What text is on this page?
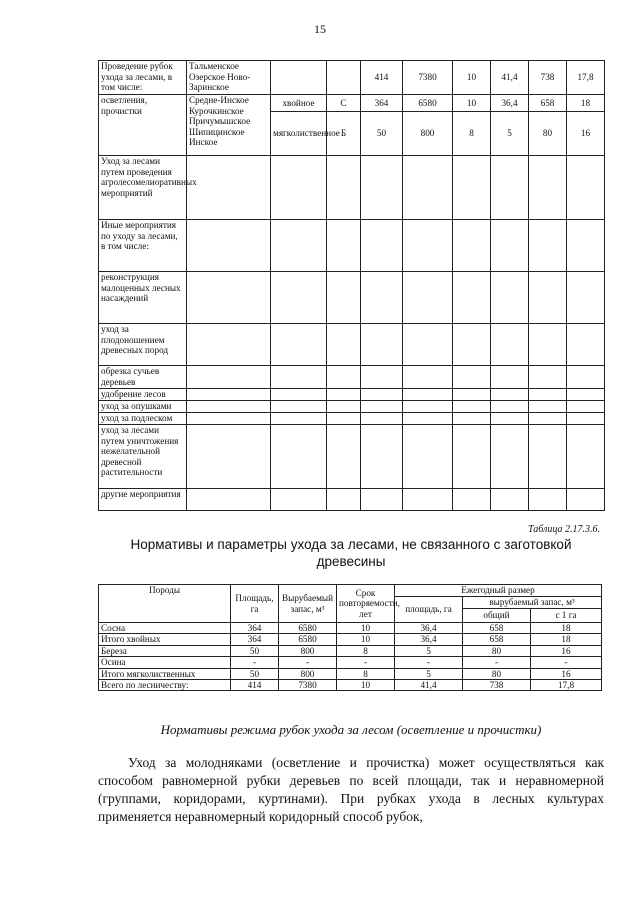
15
Проведение рубок ухода за лесами, в том числе:	Тальменское Озерское Ново-Заринское			414	7380	10	41,4	738	17,8
осветления, прочистки	Средне-Инское Курочкинское Причумышское Шипицинское Инское	хвойное	С	364	6580	10	36,4	658	18
		мягколиственное	Б	50	800	8	5	80	16
Уход за лесами путем проведения агролесомелиоративных мероприятий									
Иные мероприятия по уходу за лесами, в том числе:									
реконструкция малоценных лесных насаждений									
уход за плодоношением древесных пород									
обрезка сучьев деревьев									
удобрение лесов									
уход за опушками									
уход за подлеском									
уход за лесами путем уничтожения нежелательной древесной растительности									
другие мероприятия									
Таблица 2.17.3.6.
Нормативы и параметры ухода за лесами, не связанного с заготовкой древесины
Породы	Площадь, га	Вырубаемый запас, м³	Срок повторяемости, лет	Ежегодный размер		
				площадь, га	вырубаемый запас, м³	
					общий	с 1 га
Сосна	364	6580	10	36,4	658	18
Итого хвойных	364	6580	10	36,4	658	18
Береза	50	800	8	5	80	16
Осина	-	-	-	-	-	-
Итого мягколиственных	50	800	8	5	80	16
Всего по лесничеству:	414	7380	10	41,4	738	17,8
Нормативы режима рубок ухода за лесом (осветление и прочистки)

Уход за молодняками (осветление и прочистка) может осуществляться как способом равномерной рубки деревьев по всей площади, так и неравномерной (группами, коридорами, куртинами). При рубках ухода в лесных культурах применяется неравномерный коридорный способ рубок,
